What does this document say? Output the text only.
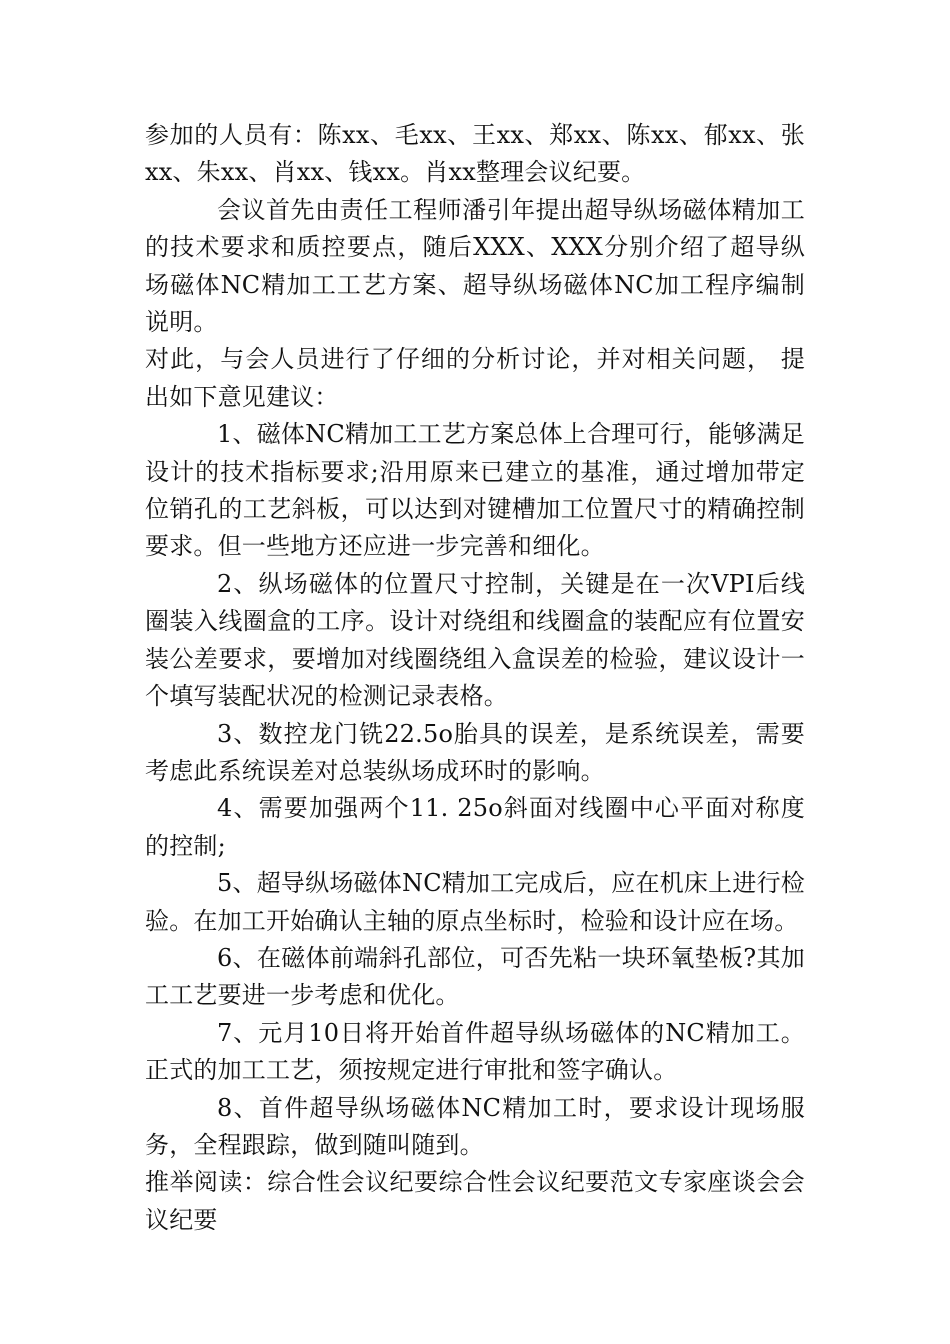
参加的人员有：陈xx、毛xx、王xx、郑xx、陈xx、郁xx、张xx、朱xx、肖xx、钱xx。肖xx整理会议纪要。

会议首先由责任工程师潘引年提出超导纵场磁体精加工的技术要求和质控要点，随后XXX、XXX分别介绍了超导纵场磁体NC精加工工艺方案、超导纵场磁体NC加工程序编制说明。

对此，与会人员进行了仔细的分析讨论，并对相关问题， 提出如下意见建议：

1、磁体NC精加工工艺方案总体上合理可行，能够满足设计的技术指标要求;沿用原来已建立的基准，通过增加带定位销孔的工艺斜板，可以达到对键槽加工位置尺寸的精确控制要求。但一些地方还应进一步完善和细化。

2、纵场磁体的位置尺寸控制，关键是在一次VPI后线圈装入线圈盒的工序。设计对绕组和线圈盒的装配应有位置安装公差要求，要增加对线圈绕组入盒误差的检验，建议设计一个填写装配状况的检测记录表格。

3、数控龙门铣22.5o胎具的误差，是系统误差，需要考虑此系统误差对总装纵场成环时的影响。

4、需要加强两个11. 25o斜面对线圈中心平面对称度的控制;

5、超导纵场磁体NC精加工完成后，应在机床上进行检验。在加工开始确认主轴的原点坐标时，检验和设计应在场。

6、在磁体前端斜孔部位，可否先粘一块环氧垫板?其加工工艺要进一步考虑和优化。

7、元月10日将开始首件超导纵场磁体的NC精加工。正式的加工工艺，须按规定进行审批和签字确认。

8、首件超导纵场磁体NC精加工时，要求设计现场服务，全程跟踪，做到随叫随到。

推举阅读：综合性会议纪要综合性会议纪要范文专家座谈会会议纪要
